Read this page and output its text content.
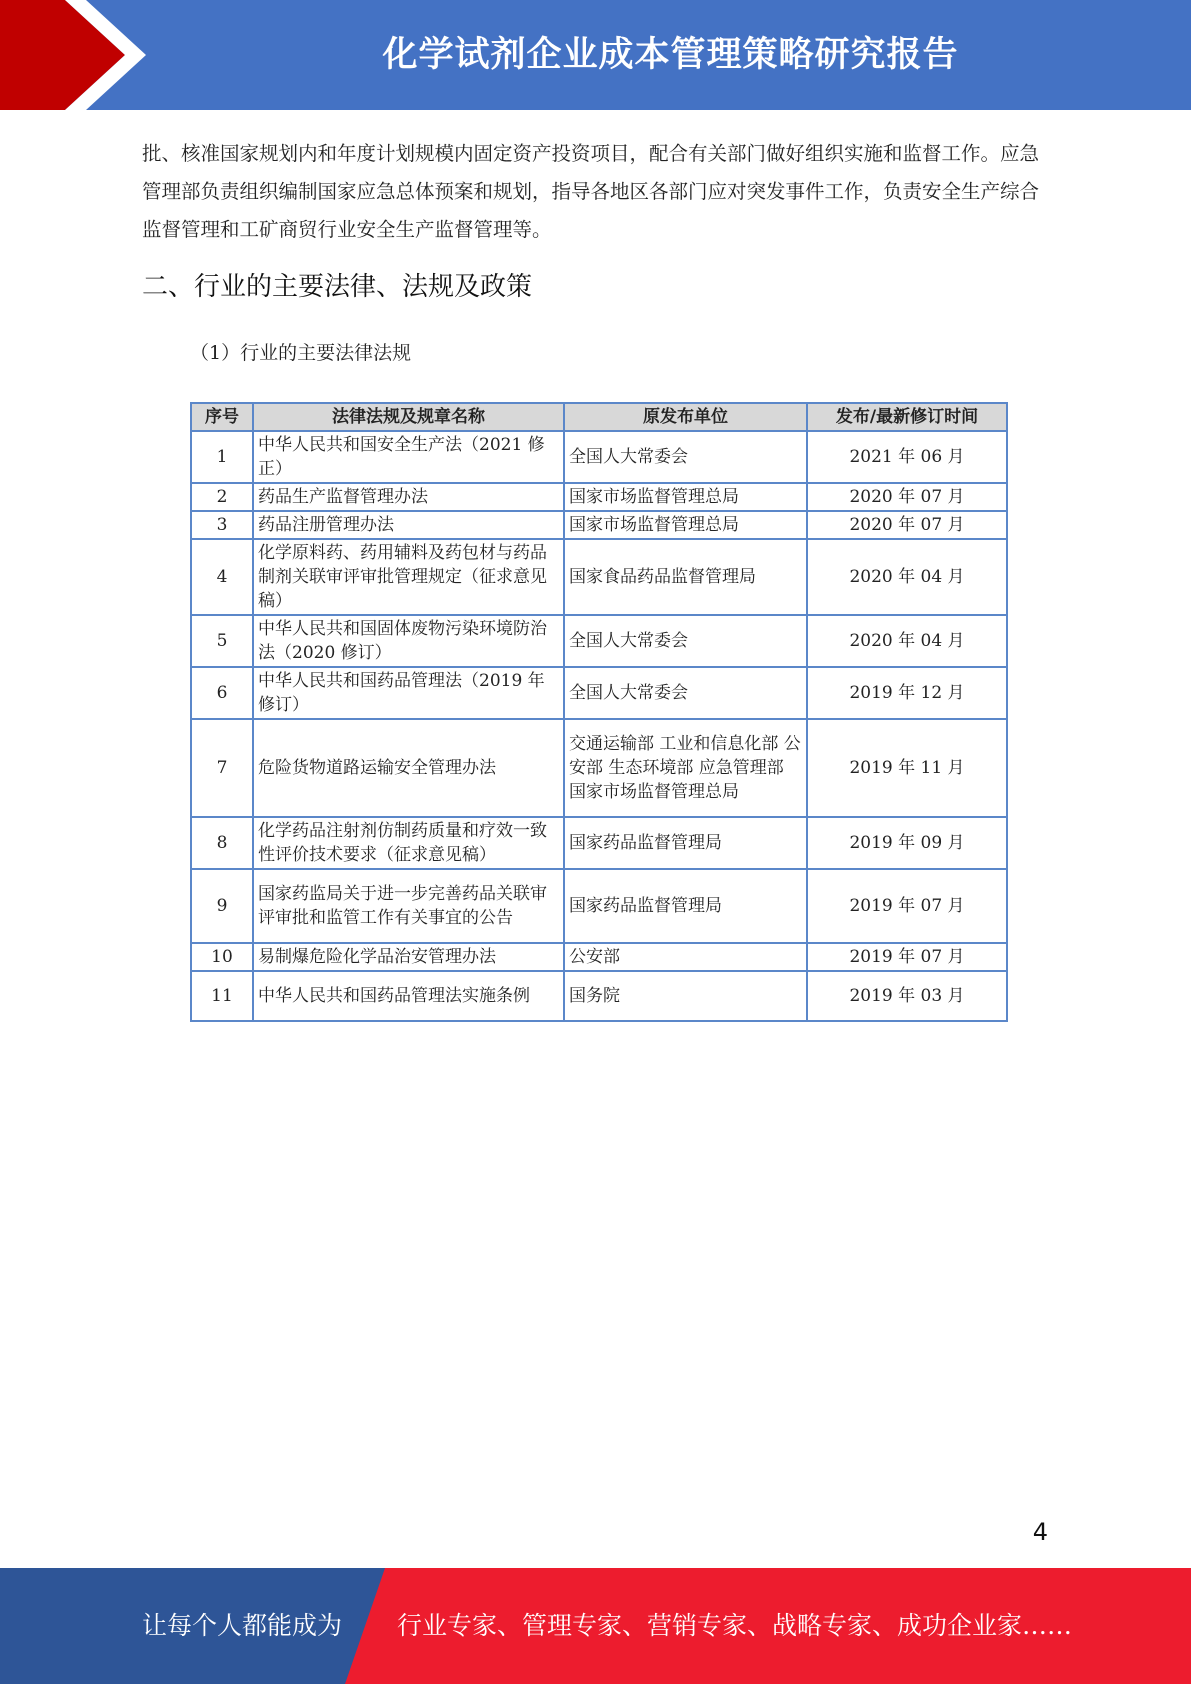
化学试剂企业成本管理策略研究报告
批、核准国家规划内和年度计划规模内固定资产投资项目，配合有关部门做好组织实施和监督工作。应急管理部负责组织编制国家应急总体预案和规划，指导各地区各部门应对突发事件工作，负责安全生产综合监督管理和工矿商贸行业安全生产监督管理等。
二、行业的主要法律、法规及政策
（1）行业的主要法律法规
序号	法律法规及规章名称	原发布单位	发布/最新修订时间
1	中华人民共和国安全生产法（2021 修正）	全国人大常委会	2021 年 06 月
2	药品生产监督管理办法	国家市场监督管理总局	2020 年 07 月
3	药品注册管理办法	国家市场监督管理总局	2020 年 07 月
4	化学原料药、药用辅料及药包材与药品制剂关联审评审批管理规定（征求意见稿）	国家食品药品监督管理局	2020 年 04 月
5	中华人民共和国固体废物污染环境防治法（2020 修订）	全国人大常委会	2020 年 04 月
6	中华人民共和国药品管理法（2019 年修订）	全国人大常委会	2019 年 12 月
7	危险货物道路运输安全管理办法	交通运输部 工业和信息化部 公安部 生态环境部 应急管理部 国家市场监督管理总局	2019 年 11 月
8	化学药品注射剂仿制药质量和疗效一致性评价技术要求（征求意见稿）	国家药品监督管理局	2019 年 09 月
9	国家药监局关于进一步完善药品关联审评审批和监管工作有关事宜的公告	国家药品监督管理局	2019 年 07 月
10	易制爆危险化学品治安管理办法	公安部	2019 年 07 月
11	中华人民共和国药品管理法实施条例	国务院	2019 年 03 月
4
让每个人都能成为 行业专家、管理专家、营销专家、战略专家、成功企业家……
